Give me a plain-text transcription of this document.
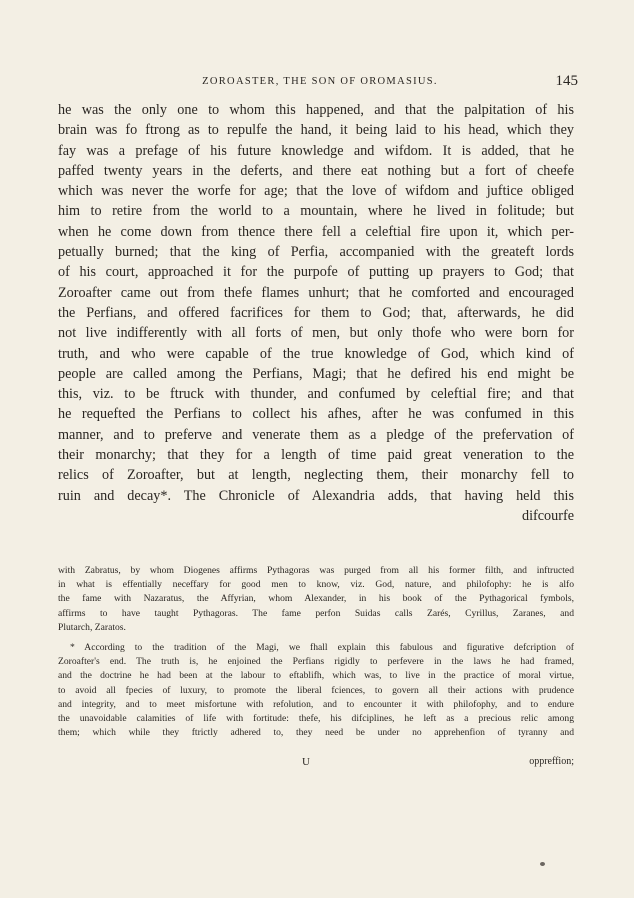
ZOROASTER, THE SON OF OROMASIUS.	145
he was the only one to whom this happened, and that the palpitation of his
brain was fo ftrong as to repulfe the hand, it being laid to his head, which they
fay was a prefage of his future knowledge and wifdom. It is added, that he
paffed twenty years in the deferts, and there eat nothing but a fort of cheefe
which was never the worfe for age; that the love of wifdom and juftice obliged
him to retire from the world to a mountain, where he lived in folitude; but
when he come down from thence there fell a celeftial fire upon it, which per-
petually burned; that the king of Perfia, accompanied with the greateft lords
of his court, approached it for the purpofe of putting up prayers to God; that
Zoroafter came out from thefe flames unhurt; that he comforted and encouraged
the Perfians, and offered facrifices for them to God; that, afterwards, he did
not live indifferently with all forts of men, but only thofe who were born for
truth, and who were capable of the true knowledge of God, which kind of
people are called among the Perfians, Magi; that he defired his end might be
this, viz. to be ftruck with thunder, and confumed by celeftial fire; and that
he requefted the Perfians to collect his afhes, after he was confumed in this
manner, and to preferve and venerate them as a pledge of the prefervation of
their monarchy; that they for a length of time paid great veneration to the
relics of Zoroafter, but at length, neglecting them, their monarchy fell to
ruin and decay*. The Chronicle of Alexandria adds, that having held this
difcourfe
with Zabratus, by whom Diogenes affirms Pythagoras was purged from all his former filth, and inftructed
in what is effentially neceffary for good men to know, viz. God, nature, and philofophy: he is alfo
the fame with Nazaratus, the Affyrian, whom Alexander, in his book of the Pythagorical fymbols,
affirms to have taught Pythagoras. The fame perfon Suidas calls Zarés, Cyrillus, Zaranes, and
Plutarch, Zaratos.
* According to the tradition of the Magi, we fhall explain this fabulous and figurative defcription of
Zoroafter's end. The truth is, he enjoined the Perfians rigidly to perfevere in the laws he had framed,
and the doctrine he had been at the labour to eftablifh, which was, to live in the practice of moral virtue,
to avoid all fpecies of luxury, to promote the liberal fciences, to govern all their actions with prudence
and integrity, and to meet misfortune with refolution, and to encounter it with philofophy, and to endure
the unavoidable calamities of life with fortitude: thefe, his difciplines, he left as a precious relic among
them; which while they ftrictly adhered to, they need be under no apprehenfion of tyranny and
U	oppreffion;
